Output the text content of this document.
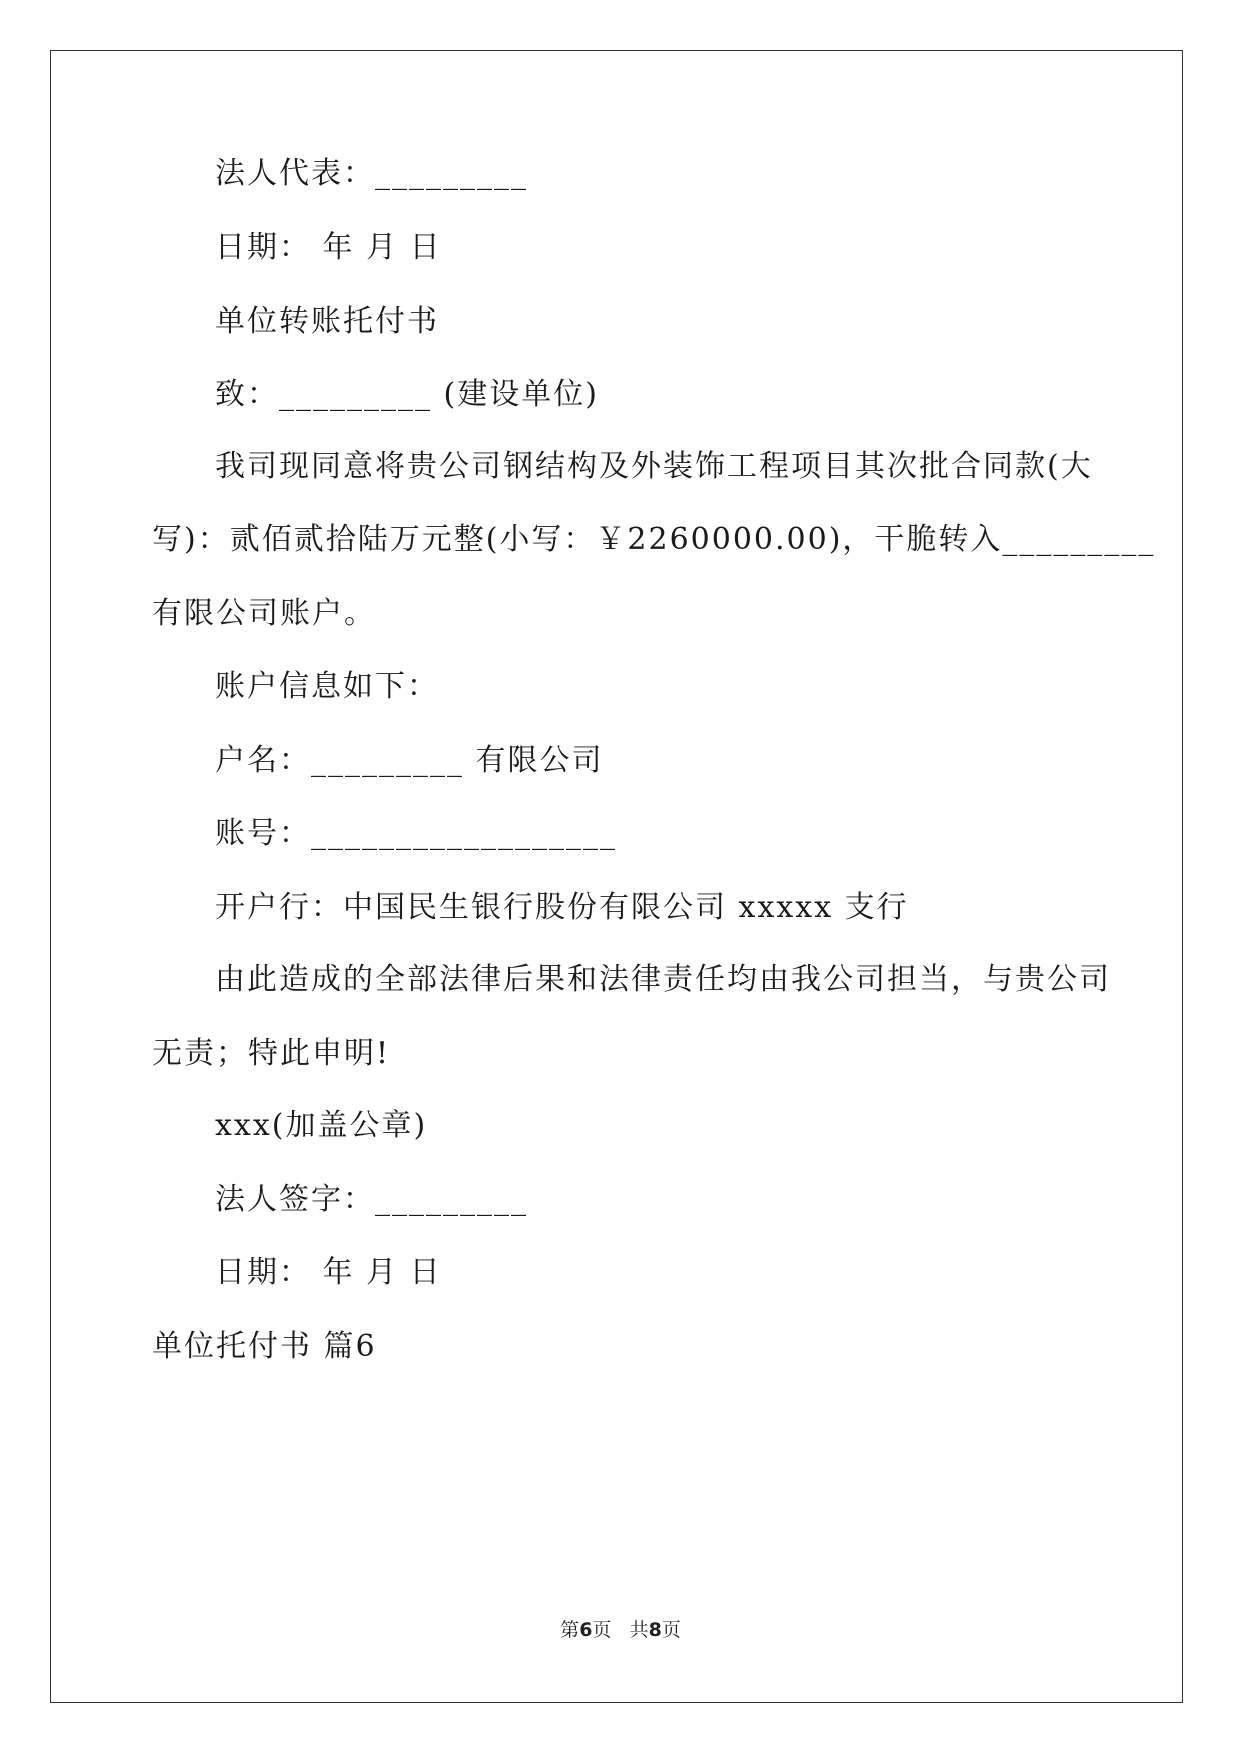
法人代表：_________
日期： 年 月 日
单位转账托付书
致：_________ (建设单位)
我司现同意将贵公司钢结构及外装饰工程项目其次批合同款(大
写)：贰佰贰拾陆万元整(小写：￥2260000.00)，干脆转入_________
有限公司账户。
账户信息如下：
户名：_________ 有限公司
账号：__________________
开户行：中国民生银行股份有限公司 xxxxx 支行
由此造成的全部法律后果和法律责任均由我公司担当，与贵公司
无责；特此申明!
xxx(加盖公章)
法人签字：_________
日期： 年 月 日
单位托付书 篇6
第6页 共8页
